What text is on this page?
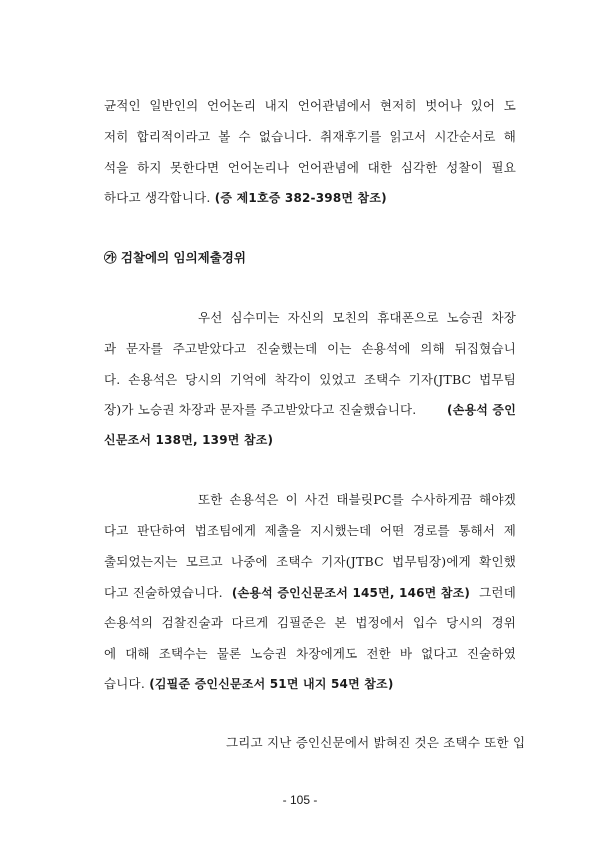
균적인 일반인의 언어논리 내지 언어관념에서 현저히 벗어나 있어 도
저히 합리적이라고 볼 수 없습니다. 취재후기를 읽고서 시간순서로 해
석을 하지 못한다면 언어논리나 언어관념에 대한 심각한 성찰이 필요
하다고 생각합니다. (증 제1호증 382-398면 참조)
㉮ 검찰에의 임의제출경위
우선 심수미는 자신의 모친의 휴대폰으로 노승권 차장
과 문자를 주고받았다고 진술했는데 이는 손용석에 의해 뒤집혔습니
다. 손용석은 당시의 기억에 착각이 있었고 조택수 기자(JTBC 법무팀
장)가 노승권 차장과 문자를 주고받았다고 진술했습니다.	(손용석 증인
신문조서 138면, 139면 참조)
또한 손용석은 이 사건 태블릿PC를 수사하게끔 해야겠
다고 판단하여 법조팀에게 제출을 지시했는데 어떤 경로를 통해서 제
출되었는지는 모르고 나중에 조택수 기자(JTBC 법무팀장)에게 확인했
다고 진술하였습니다. (손용석 증인신문조서 145면, 146면 참조) 그런데
손용석의 검찰진술과 다르게 김필준은 본 법정에서 입수 당시의 경위
에 대해 조택수는 물론 노승권 차장에게도 전한 바 없다고 진술하였
습니다. (김필준 증인신문조서 51면 내지 54면 참조)
그리고 지난 증인신문에서 밝혀진 것은 조택수 또한 입
- 105 -
